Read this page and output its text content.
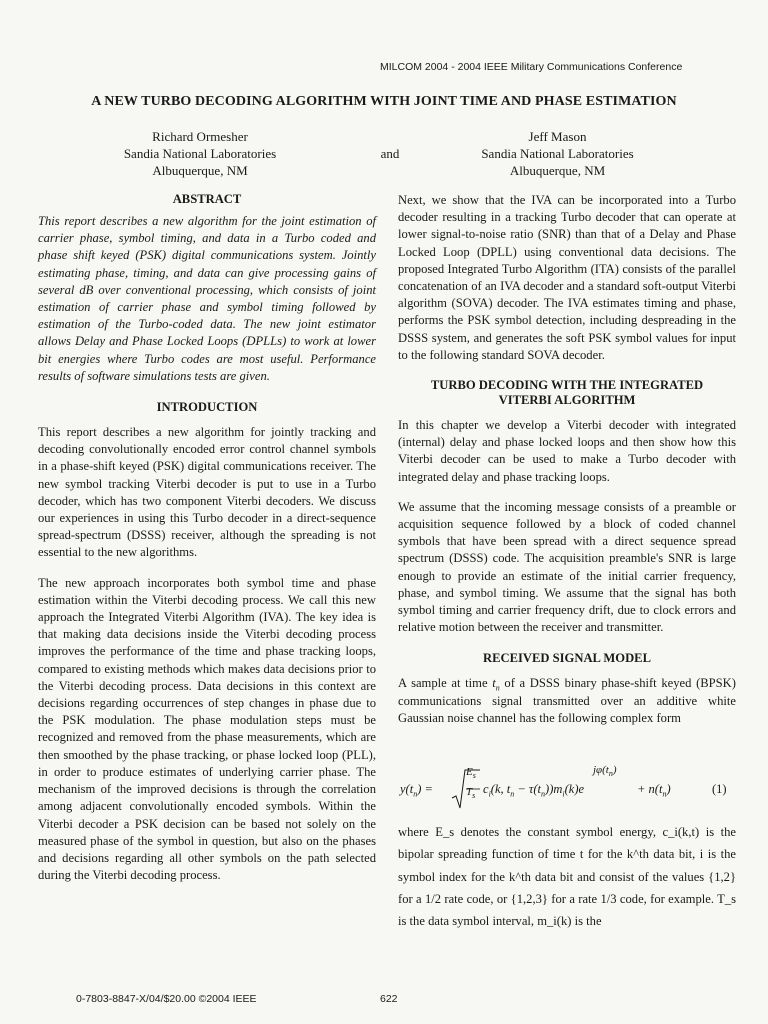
MILCOM 2004 - 2004 IEEE Military Communications Conference
A NEW TURBO DECODING ALGORITHM WITH JOINT TIME AND PHASE ESTIMATION
Richard Ormesher
Sandia National Laboratories
Albuquerque, NM
and
Jeff Mason
Sandia National Laboratories
Albuquerque, NM
ABSTRACT

This report describes a new algorithm for the joint estimation of carrier phase, symbol timing, and data in a Turbo coded and phase shift keyed (PSK) digital communications system. Jointly estimating phase, timing, and data can give processing gains of several dB over conventional processing, which consists of joint estimation of carrier phase and symbol timing followed by estimation of the Turbo-coded data. The new joint estimator allows Delay and Phase Locked Loops (DPLLs) to work at lower bit energies where Turbo codes are most useful. Performance results of software simulations tests are given.

INTRODUCTION

This report describes a new algorithm for jointly tracking and decoding convolutionally encoded error control channel symbols in a phase-shift keyed (PSK) digital communications receiver. The new symbol tracking Viterbi decoder is put to use in a Turbo decoder, which has two component Viterbi decoders. We discuss our experiences in using this Turbo decoder in a direct-sequence spread-spectrum (DSSS) receiver, although the spreading is not essential to the new algorithms.

The new approach incorporates both symbol time and phase estimation within the Viterbi decoding process. We call this new approach the Integrated Viterbi Algorithm (IVA). The key idea is that making data decisions inside the Viterbi decoding process improves the performance of the time and phase tracking loops, compared to existing methods which makes data decisions prior to the Viterbi decoding process. Data decisions in this context are decisions regarding occurrences of step changes in phase due to the PSK modulation. The phase modulation steps must be recognized and removed from the phase measurements, which are then smoothed by the phase tracking, or phase locked loop (PLL), in order to produce estimates of underlying carrier phase. The mechanism of the improved decisions is through the correlation among adjacent convolutionally encoded symbols. Within the Viterbi decoder a PSK decision can be based not solely on the measured phase of the symbol in question, but also on the phases and decisions regarding all other symbols on the path selected during the Viterbi decoding process.

Next, we show that the IVA can be incorporated into a Turbo decoder resulting in a tracking Turbo decoder that can operate at lower signal-to-noise ratio (SNR) than that of a Delay and Phase Locked Loop (DPLL) using conventional data decisions. The proposed Integrated Turbo Algorithm (ITA) consists of the parallel concatenation of an IVA decoder and a standard soft-output Viterbi algorithm (SOVA) decoder. The IVA estimates timing and phase, performs the PSK symbol detection, including despreading in the DSSS system, and generates the soft PSK symbol values for input to the following standard SOVA decoder.

TURBO DECODING WITH THE INTEGRATED
VITERBI ALGORITHM

In this chapter we develop a Viterbi decoder with integrated (internal) delay and phase locked loops and then show how this Viterbi decoder can be used to make a Turbo decoder with integrated delay and phase tracking loops.

We assume that the incoming message consists of a preamble or acquisition sequence followed by a block of coded channel symbols that have been spread with a direct sequence spread spectrum (DSSS) code. The acquisition preamble's SNR is large enough to provide an estimate of the initial carrier frequency, phase, and symbol timing. We assume that the signal has both symbol timing and carrier frequency drift, due to clock errors and relative motion between the receiver and transmitter.

RECEIVED SIGNAL MODEL

A sample at time $t_n$ of a DSSS binary phase-shift keyed (BPSK) communications signal transmitted over an additive white Gaussian noise channel has the following complex form

$y(t_n)$ =
$E_s$
$T_s$ $c_i(k$, $t_n - \tau(t_n))m_i(k)e$
$j\varphi(t_n)$
+ $n(t_n)$	(1)
where E_s denotes the constant symbol energy, c_i(k,t) is the bipolar spreading function of time t for the k^th data bit, i is the symbol index for the k^th data bit and consist of the values {1,2} for a 1/2 rate code, or {1,2,3} for a rate 1/3 code, for example. T_s is the data symbol interval, m_i(k) is the
0-7803-8847-X/04/$20.00 ©2004 IEEE	622
